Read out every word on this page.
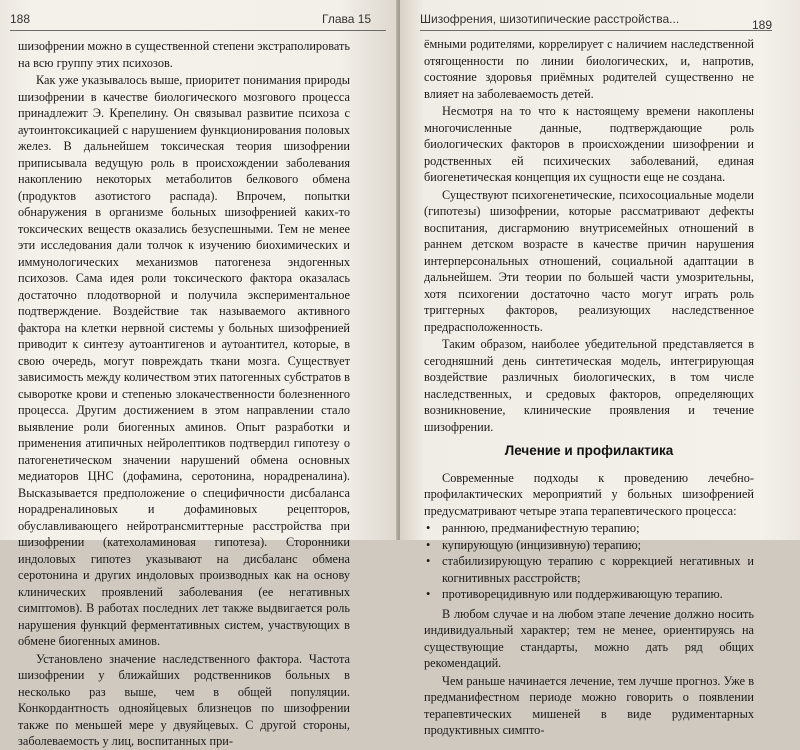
188	Глава 15

шизофрении можно в существенной степени экстраполировать на всю группу этих психозов.

Как уже указывалось выше, приоритет понимания природы шизофрении в качестве биологического мозгового процесса принадлежит Э. Крепелину. Он связывал развитие психоза с аутоинтоксикацией с нарушением функционирования половых желез. В дальнейшем токсическая теория шизофрении приписывала ведущую роль в происхождении заболевания накоплению некоторых метаболитов белкового обмена (продуктов азотистого распада). Впрочем, попытки обнаружения в организме больных шизофренией каких-то токсических веществ оказались безуспешными. Тем не менее эти исследования дали толчок к изучению биохимических и иммунологических механизмов патогенеза эндогенных психозов. Сама идея роли токсического фактора оказалась достаточно плодотворной и получила экспериментальное подтверждение. Воздействие так называемого активного фактора на клетки нервной системы у больных шизофренией приводит к синтезу аутоантигенов и аутоантител, которые, в свою очередь, могут повреждать ткани мозга. Существует зависимость между количеством этих патогенных субстратов в сыворотке крови и степенью злокачественности болезненного процесса. Другим достижением в этом направлении стало выявление роли биогенных аминов. Опыт разработки и применения атипичных нейролептиков подтвердил гипотезу о патогенетическом значении нарушений обмена основных медиаторов ЦНС (дофамина, серотонина, норадреналина). Высказывается предположение о специфичности дисбаланса норадреналиновых и дофаминовых рецепторов, обуславливающего нейротрансмиттерные расстройства при шизофрении (катехоламиновая гипотеза). Сторонники индоловых гипотез указывают на дисбаланс обмена серотонина и других индоловых производных как на основу клинических проявлений заболевания (ее негативных симптомов). В работах последних лет также выдвигается роль нарушения функций ферментативных систем, участвующих в обмене биогенных аминов.

Установлено значение наследственного фактора. Частота шизофрении у ближайших родственников больных в несколько раз выше, чем в общей популяции. Конкордантность однояйцевых близнецов по шизофрении также по меньшей мере у двуяйцевых. С другой стороны, заболеваемость у лиц, воспитанных при-

Шизофрения, шизотипические расстройства...	189

ёмными родителями, коррелирует с наличием наследственной отягощенности по линии биологических, и, напротив, состояние здоровья приёмных родителей существенно не влияет на заболеваемость детей.

Несмотря на то что к настоящему времени накоплены многочисленные данные, подтверждающие роль биологических факторов в происхождении шизофрении и родственных ей психических заболеваний, единая биогенетическая концепция их сущности еще не создана.

Существуют психогенетические, психосоциальные модели (гипотезы) шизофрении, которые рассматривают дефекты воспитания, дисгармонию внутрисемейных отношений в раннем детском возрасте в качестве причин нарушения интерперсональных отношений, социальной адаптации в дальнейшем. Эти теории по большей части умозрительны, хотя психогении достаточно часто могут играть роль триггерных факторов, реализующих наследственное предрасположенность.

Таким образом, наиболее убедительной представляется в сегодняшний день синтетическая модель, интегрирующая воздействие различных биологических, в том числе наследственных, и средовых факторов, определяющих возникновение, клинические проявления и течение шизофрении.

Лечение и профилактика

Современные подходы к проведению лечебно-профилактических мероприятий у больных шизофренией предусматривают четыре этапа терапевтического процесса:

• раннюю, предманифестную терапию;
• купирующую (инцизивную) терапию;
• стабилизирующую терапию с коррекцией негативных и когнитивных расстройств;
• противорецидивную или поддерживающую терапию.

В любом случае и на любом этапе лечение должно носить индивидуальный характер; тем не менее, ориентируясь на существующие стандарты, можно дать ряд общих рекомендаций.

Чем раньше начинается лечение, тем лучше прогноз. Уже в предманифестном периоде можно говорить о появлении терапевтических мишеней в виде рудиментарных продуктивных симпто-
